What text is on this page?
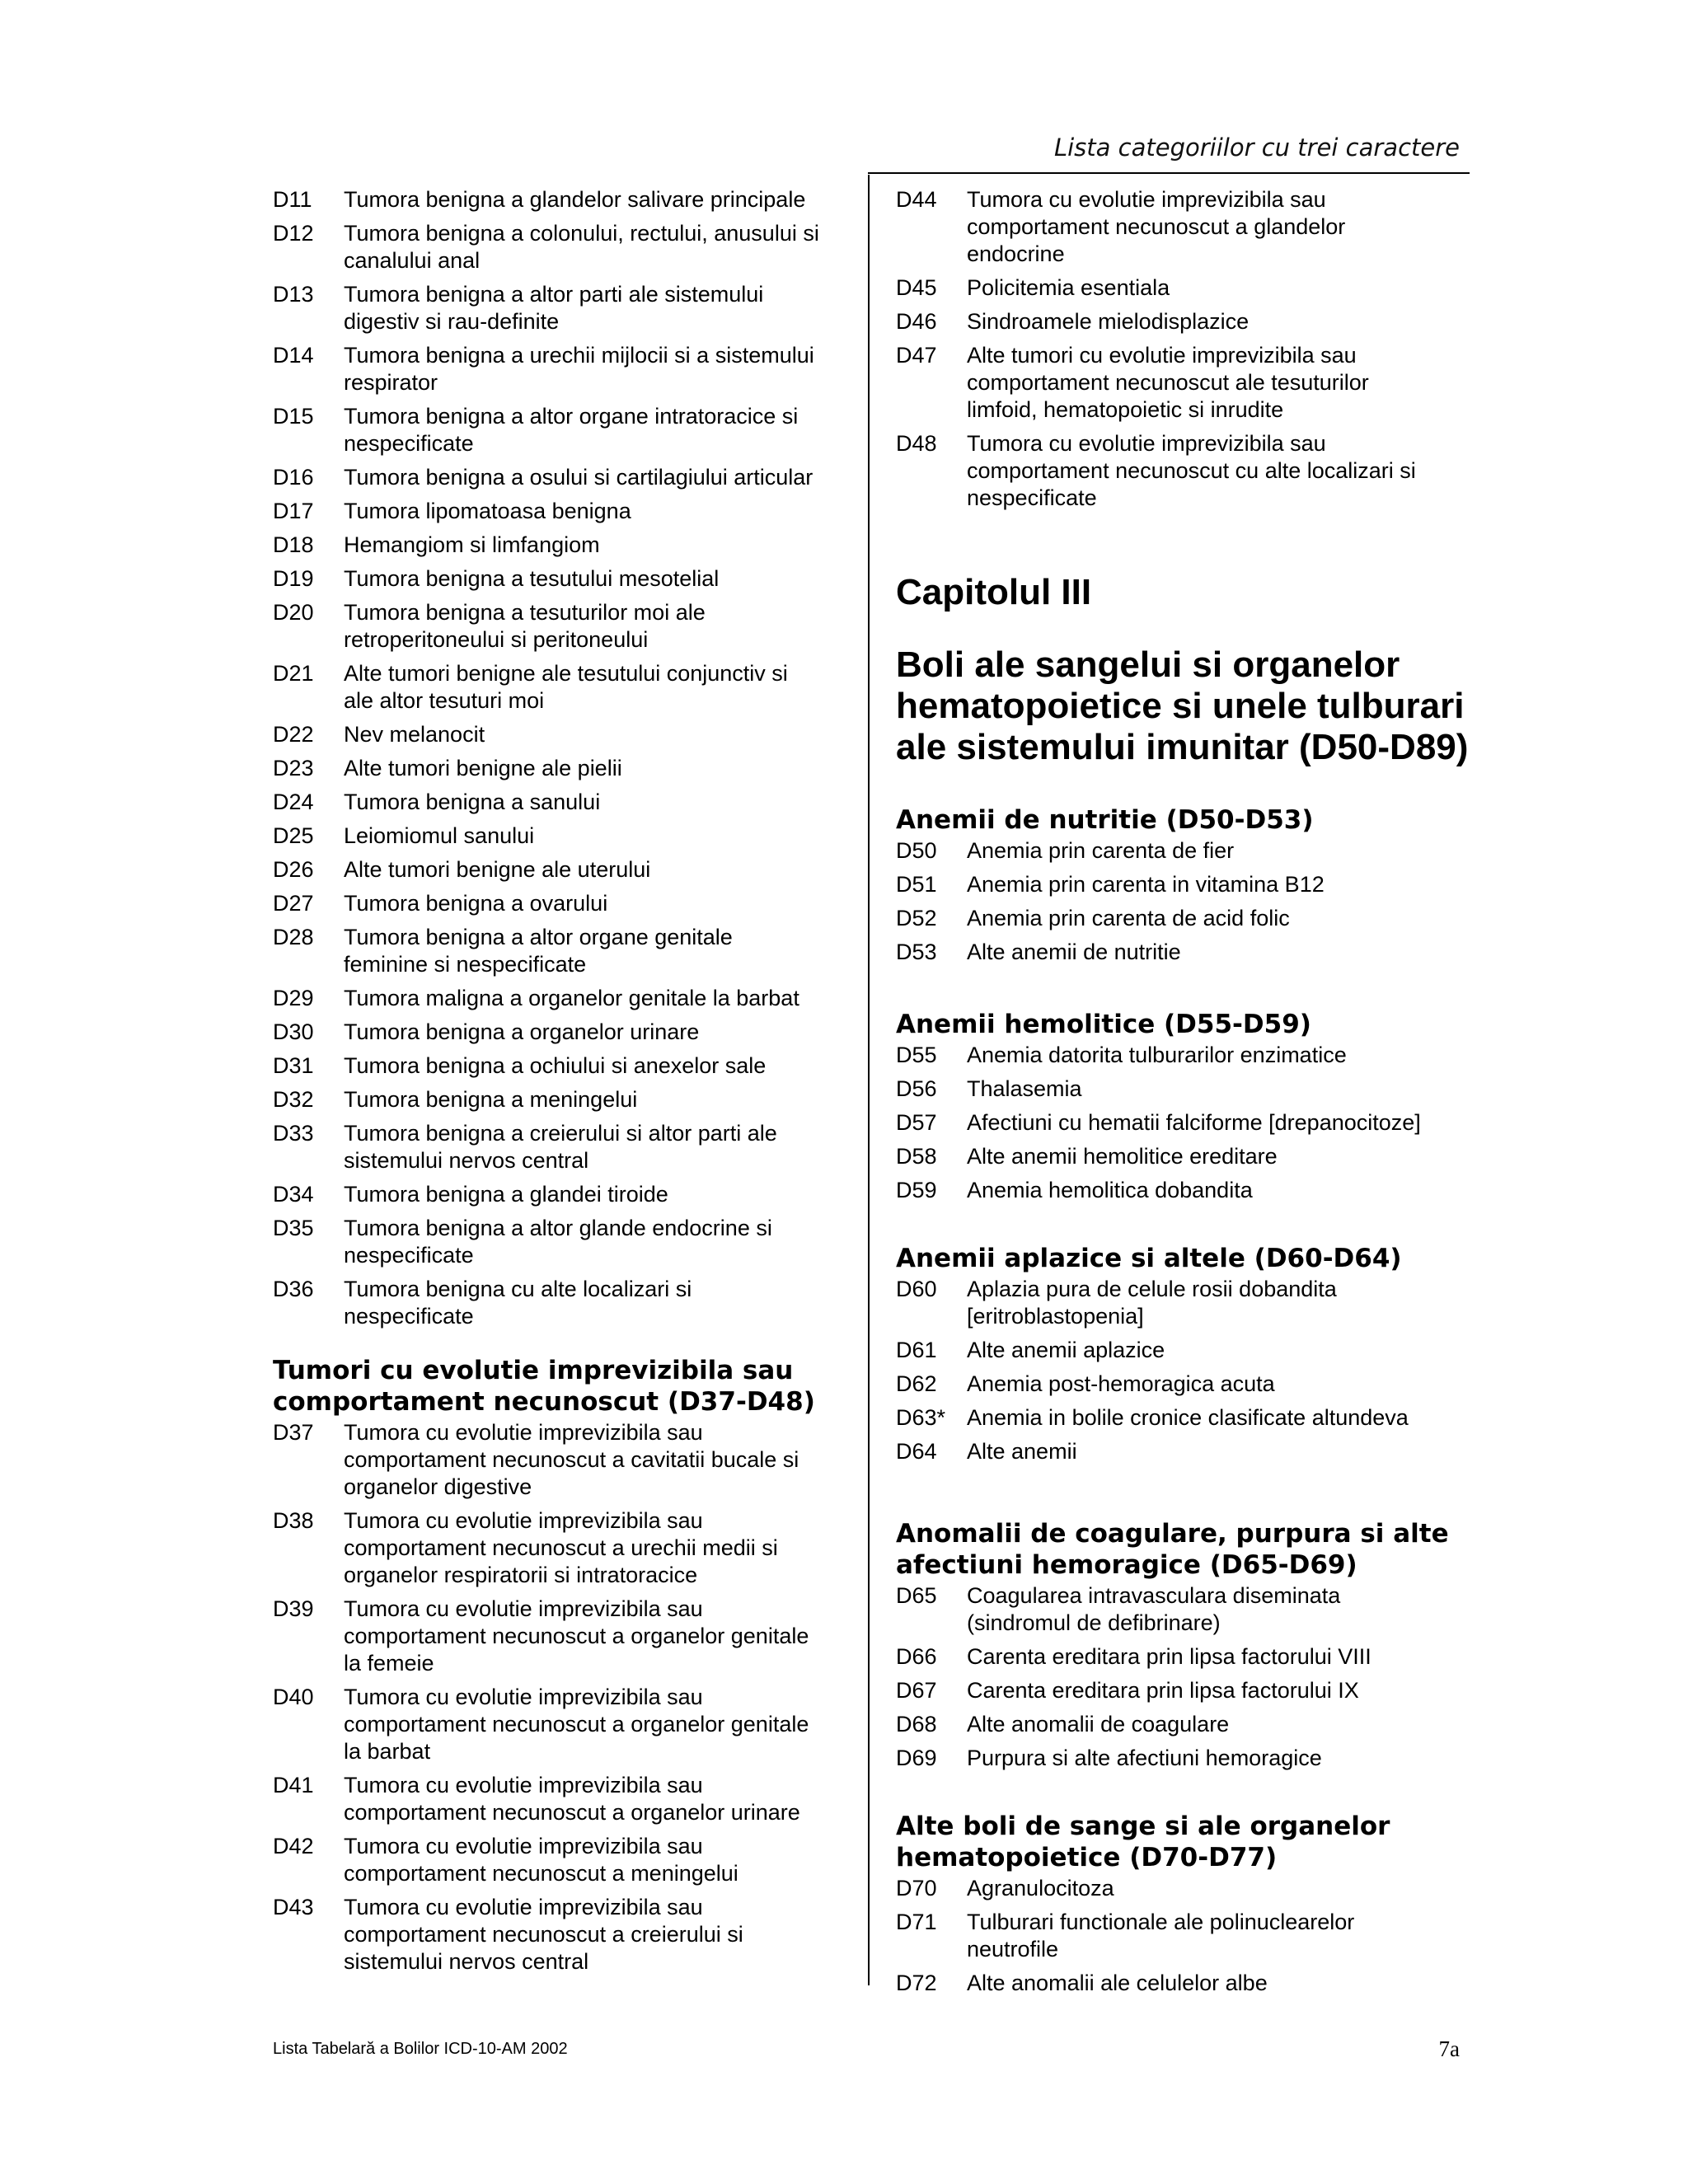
Lista categoriilor cu trei caractere
D11 Tumora benigna a glandelor salivare principale
D12 Tumora benigna a colonului, rectului, anusului si
canalului anal
D13 Tumora benigna a altor parti ale sistemului
digestiv si rau-definite
D14 Tumora benigna a urechii mijlocii si a sistemului
respirator
D15 Tumora benigna a altor organe intratoracice si
nespecificate
D16 Tumora benigna a osului si cartilagiului articular
D17 Tumora lipomatoasa benigna
D18 Hemangiom si limfangiom
D19 Tumora benigna a tesutului mesotelial
D20 Tumora benigna a tesuturilor moi ale
retroperitoneului si peritoneului
D21 Alte tumori benigne ale tesutului conjunctiv si
ale altor tesuturi moi
D22 Nev melanocit
D23 Alte tumori benigne ale pielii
D24 Tumora benigna a sanului
D25 Leiomiomul sanului
D26 Alte tumori benigne ale uterului
D27 Tumora benigna a ovarului
D28 Tumora benigna a altor organe genitale
feminine si nespecificate
D29 Tumora maligna a organelor genitale la barbat
D30 Tumora benigna a organelor urinare
D31 Tumora benigna a ochiului si anexelor sale
D32 Tumora benigna a meningelui
D33 Tumora benigna a creierului si altor parti ale
sistemului nervos central
D34 Tumora benigna a glandei tiroide
D35 Tumora benigna a altor glande endocrine si
nespecificate
D36 Tumora benigna cu alte localizari si
nespecificate
Tumori cu evolutie imprevizibila sau
comportament necunoscut (D37-D48)
D37 Tumora cu evolutie imprevizibila sau
comportament necunoscut a cavitatii bucale si
organelor digestive
D38 Tumora cu evolutie imprevizibila sau
comportament necunoscut a urechii medii si
organelor respiratorii si intratoracice
D39 Tumora cu evolutie imprevizibila sau
comportament necunoscut a organelor genitale
la femeie
D40 Tumora cu evolutie imprevizibila sau
comportament necunoscut a organelor genitale
la barbat
D41 Tumora cu evolutie imprevizibila sau
comportament necunoscut a organelor urinare
D42 Tumora cu evolutie imprevizibila sau
comportament necunoscut a meningelui
D43 Tumora cu evolutie imprevizibila sau
comportament necunoscut a creierului si
sistemului nervos central
D44 Tumora cu evolutie imprevizibila sau
comportament necunoscut a glandelor
endocrine
D45 Policitemia esentiala
D46 Sindroamele mielodisplazice
D47 Alte tumori cu evolutie imprevizibila sau
comportament necunoscut ale tesuturilor
limfoid, hematopoietic si inrudite
D48 Tumora cu evolutie imprevizibila sau
comportament necunoscut cu alte localizari si
nespecificate
Capitolul III
Boli ale sangelui si organelor
hematopoietice si unele tulburari
ale sistemului imunitar (D50-D89)
Anemii de nutritie (D50-D53)
D50 Anemia prin carenta de fier
D51 Anemia prin carenta in vitamina B12
D52 Anemia prin carenta de acid folic
D53 Alte anemii de nutritie
Anemii hemolitice (D55-D59)
D55 Anemia datorita tulburarilor enzimatice
D56 Thalasemia
D57 Afectiuni cu hematii falciforme [drepanocitoze]
D58 Alte anemii hemolitice ereditare
D59 Anemia hemolitica dobandita
Anemii aplazice si altele (D60-D64)
D60 Aplazia pura de celule rosii dobandita
[eritroblastopenia]
D61 Alte anemii aplazice
D62 Anemia post-hemoragica acuta
D63* Anemia in bolile cronice clasificate altundeva
D64 Alte anemii
Anomalii de coagulare, purpura si alte
afectiuni hemoragice (D65-D69)
D65 Coagularea intravasculara diseminata
(sindromul de defibrinare)
D66 Carenta ereditara prin lipsa factorului VIII
D67 Carenta ereditara prin lipsa factorului IX
D68 Alte anomalii de coagulare
D69 Purpura si alte afectiuni hemoragice
Alte boli de sange si ale organelor
hematopoietice (D70-D77)
D70 Agranulocitoza
D71 Tulburari functionale ale polinuclearelor
neutrofile
D72 Alte anomalii ale celulelor albe
Lista Tabelară a Bolilor ICD-10-AM 2002	7a
